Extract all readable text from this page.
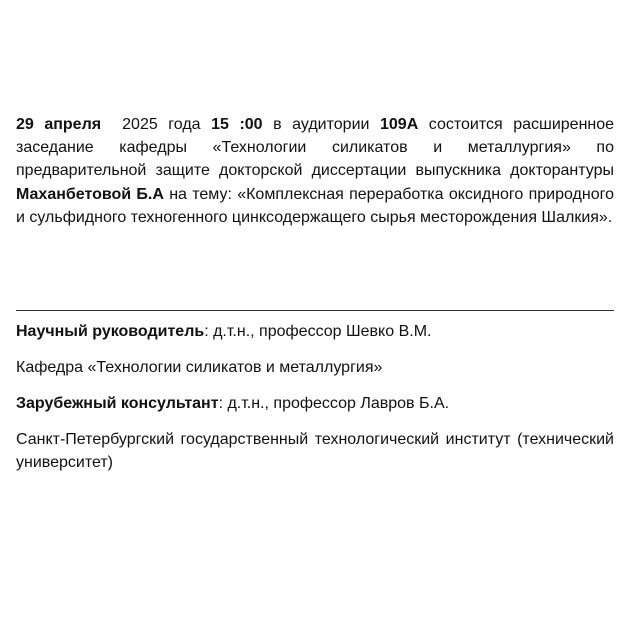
29 апреля 2025 года 15 :00 в аудитории 109А состоится расширенное заседание кафедры «Технологии силикатов и металлургия» по предварительной защите докторской диссертации выпускника докторантуры Маханбетовой Б.А на тему: «Комплексная переработка оксидного природного и сульфидного техногенного цинксодержащего сырья месторождения Шалкия».

Научный руководитель: д.т.н., профессор Шевко В.М.

Кафедра «Технологии силикатов и металлургия»

Зарубежный консультант: д.т.н., профессор Лавров Б.А.

Санкт-Петербургский государственный технологический институт (технический университет)
